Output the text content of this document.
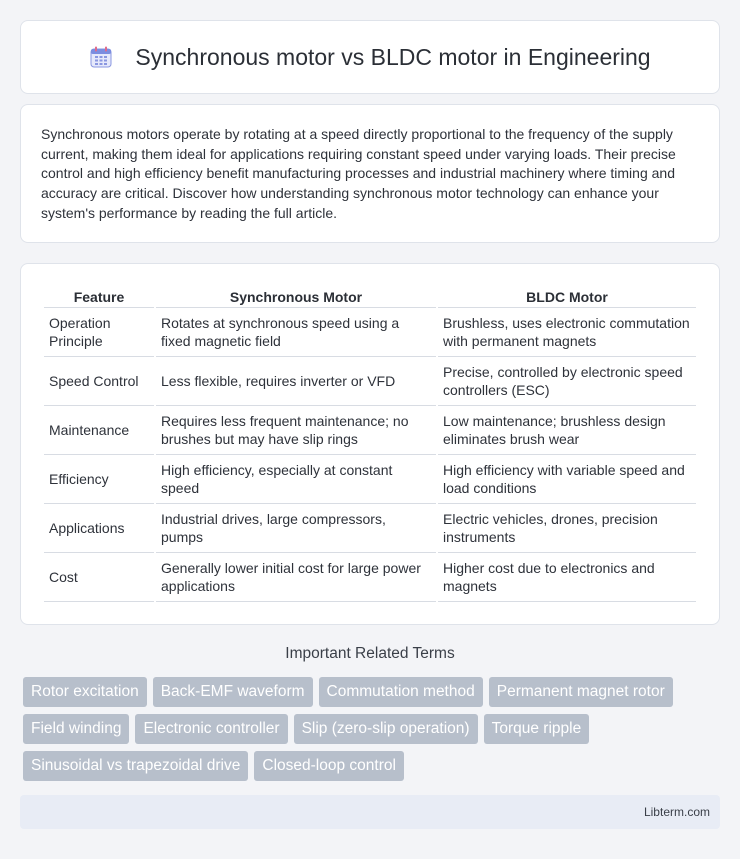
Synchronous motor vs BLDC motor in Engineering

Synchronous motors operate by rotating at a speed directly proportional to the frequency of the supply current, making them ideal for applications requiring constant speed under varying loads. Their precise control and high efficiency benefit manufacturing processes and industrial machinery where timing and accuracy are critical. Discover how understanding synchronous motor technology can enhance your system's performance by reading the full article.

Feature	Synchronous Motor	BLDC Motor
Operation Principle	Rotates at synchronous speed using a fixed magnetic field	Brushless, uses electronic commutation with permanent magnets
Speed Control	Less flexible, requires inverter or VFD	Precise, controlled by electronic speed controllers (ESC)
Maintenance	Requires less frequent maintenance; no brushes but may have slip rings	Low maintenance; brushless design eliminates brush wear
Efficiency	High efficiency, especially at constant speed	High efficiency with variable speed and load conditions
Applications	Industrial drives, large compressors, pumps	Electric vehicles, drones, precision instruments
Cost	Generally lower initial cost for large power applications	Higher cost due to electronics and magnets
Important Related Terms
Rotor excitation	Back-EMF waveform	Commutation method	Permanent magnet rotor
Field winding	Electronic controller	Slip (zero-slip operation)	Torque ripple
Sinusoidal vs trapezoidal drive	Closed-loop control
Libterm.com
